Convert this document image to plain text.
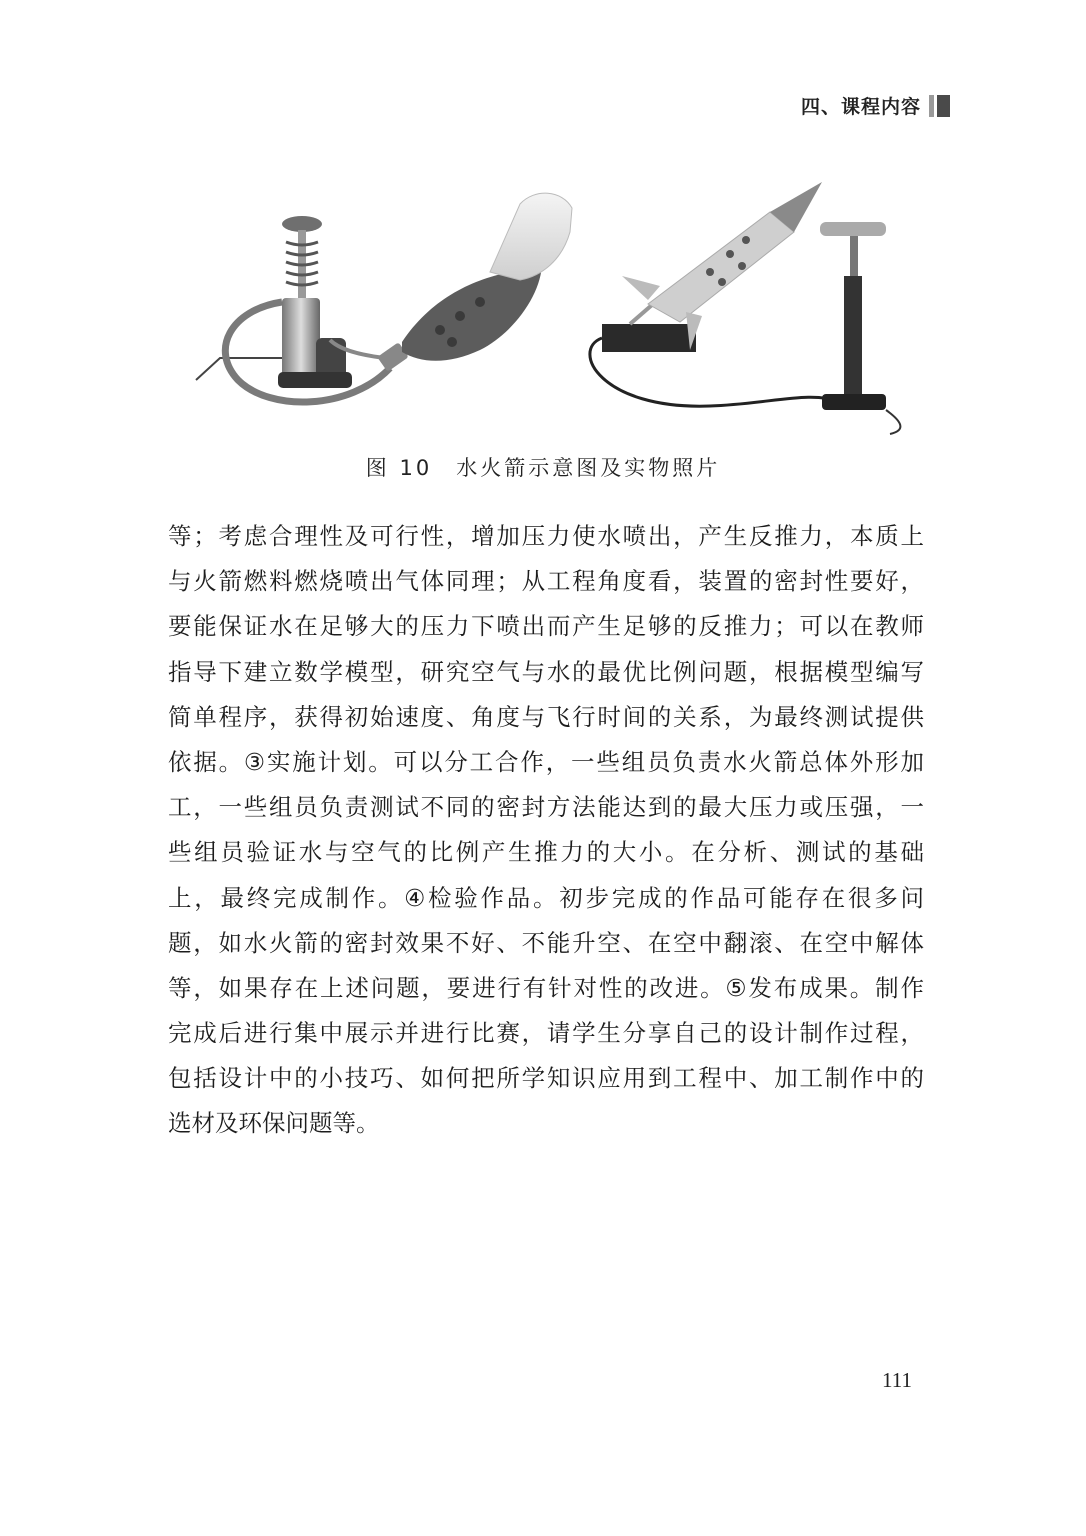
四、课程内容
图 10　水火箭示意图及实物照片
等；考虑合理性及可行性，增加压力使水喷出，产生反推力，本质上
与火箭燃料燃烧喷出气体同理；从工程角度看，装置的密封性要好，
要能保证水在足够大的压力下喷出而产生足够的反推力；可以在教师
指导下建立数学模型，研究空气与水的最优比例问题，根据模型编写
简单程序，获得初始速度、角度与飞行时间的关系，为最终测试提供
依据。③实施计划。可以分工合作，一些组员负责水火箭总体外形加
工，一些组员负责测试不同的密封方法能达到的最大压力或压强，一
些组员验证水与空气的比例产生推力的大小。在分析、测试的基础
上，最终完成制作。④检验作品。初步完成的作品可能存在很多问
题，如水火箭的密封效果不好、不能升空、在空中翻滚、在空中解体
等，如果存在上述问题，要进行有针对性的改进。⑤发布成果。制作
完成后进行集中展示并进行比赛，请学生分享自己的设计制作过程，
包括设计中的小技巧、如何把所学知识应用到工程中、加工制作中的
选材及环保问题等。
111
